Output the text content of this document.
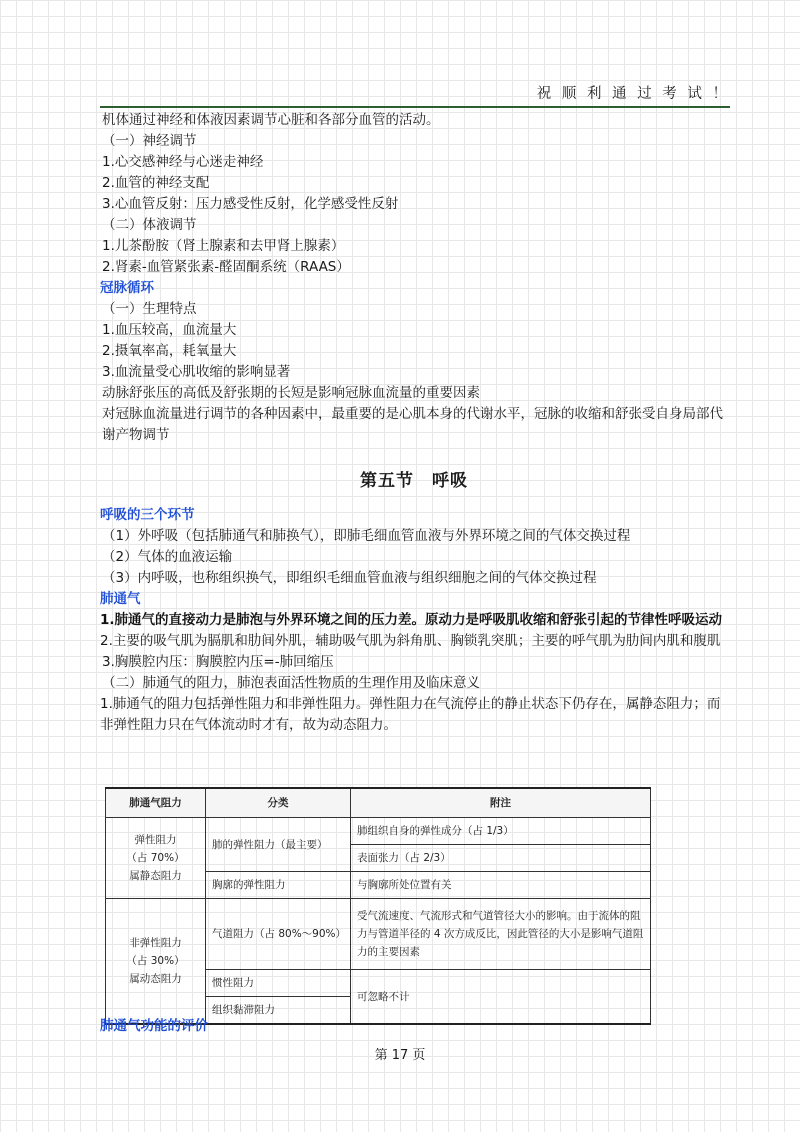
祝 顺 利 通 过 考 试 ！
机体通过神经和体液因素调节心脏和各部分血管的活动。
（一）神经调节
1.心交感神经与心迷走神经
2.血管的神经支配
3.心血管反射：压力感受性反射，化学感受性反射
（二）体液调节
1.儿茶酚胺（肾上腺素和去甲肾上腺素）
2.肾素-血管紧张素-醛固酮系统（RAAS）
冠脉循环
（一）生理特点
1.血压较高，血流量大
2.摄氧率高，耗氧量大
3.血流量受心肌收缩的影响显著
动脉舒张压的高低及舒张期的长短是影响冠脉血流量的重要因素
对冠脉血流量进行调节的各种因素中，最重要的是心肌本身的代谢水平，冠脉的收缩和舒张受自身局部代谢产物调节
第五节　呼吸
呼吸的三个环节
（1）外呼吸（包括肺通气和肺换气），即肺毛细血管血液与外界环境之间的气体交换过程
（2）气体的血液运输
（3）内呼吸，也称组织换气，即组织毛细血管血液与组织细胞之间的气体交换过程
肺通气
1.肺通气的直接动力是肺泡与外界环境之间的压力差。原动力是呼吸肌收缩和舒张引起的节律性呼吸运动
2.主要的吸气肌为膈肌和肋间外肌，辅助吸气肌为斜角肌、胸锁乳突肌；主要的呼气肌为肋间内肌和腹肌
3.胸膜腔内压：胸膜腔内压=-肺回缩压
（二）肺通气的阻力，肺泡表面活性物质的生理作用及临床意义
1.肺通气的阻力包括弹性阻力和非弹性阻力。弹性阻力在气流停止的静止状态下仍存在，属静态阻力；而非弹性阻力只在气体流动时才有，故为动态阻力。
肺通气阻力	分类	附注

弹性阻力
（占 70%）
属静态阻力	肺的弹性阻力（最主要）	肺组织自身的弹性成分（占 1/3）
		表面张力（占 2/3）
	胸廓的弹性阻力	与胸廓所处位置有关

非弹性阻力
（占 30%）
属动态阻力	气道阻力（占 80%～90%）	受气流速度、气流形式和气道管径大小的影响。由于流体的阻力与管道半径的 4 次方成反比，因此管径的大小是影响气道阻力的主要因素
	惯性阻力	可忽略不计
	组织黏滞阻力	
肺通气功能的评价
第 17 页
